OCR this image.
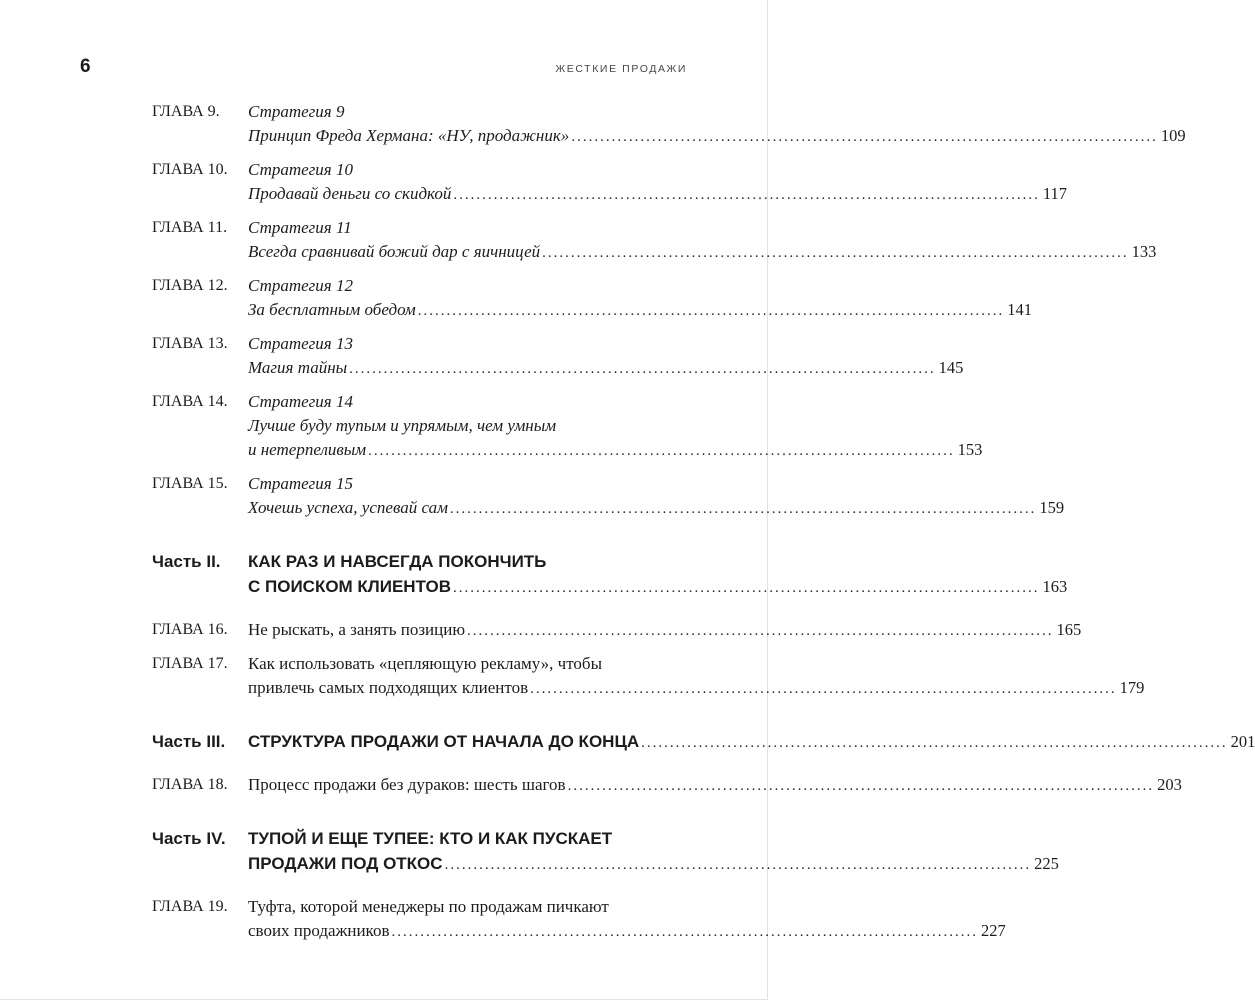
6	ЖЕСТКИЕ ПРОДАЖИ
ГЛАВА 9.	Стратегия 9
Принцип Фреда Хермана: «НУ, продажник» .....	109
ГЛАВА 10.	Стратегия 10
Продавай деньги со скидкой .....	117
ГЛАВА 11.	Стратегия 11
Всегда сравнивай божий дар с яичницей .....	133
ГЛАВА 12.	Стратегия 12
За бесплатным обедом .....	141
ГЛАВА 13.	Стратегия 13
Магия тайны .....	145
ГЛАВА 14.	Стратегия 14
Лучше буду тупым и упрямым, чем умным
и нетерпеливым .....	153
ГЛАВА 15.	Стратегия 15
Хочешь успеха, успевай сам .....	159
Часть II.	КАК РАЗ И НАВСЕГДА ПОКОНЧИТЬ
С ПОИСКОМ КЛИЕНТОВ .....	163
ГЛАВА 16.	Не рыскать, а занять позицию .....	165
ГЛАВА 17.	Как использовать «цепляющую рекламу», чтобы
привлечь самых подходящих клиентов .....	179
Часть III.	СТРУКТУРА ПРОДАЖИ ОТ НАЧАЛА ДО КОНЦА .....	201
ГЛАВА 18.	Процесс продажи без дураков: шесть шагов .....	203
Часть IV.	ТУПОЙ И ЕЩЕ ТУПЕЕ: КТО И КАК ПУСКАЕТ
ПРОДАЖИ ПОД ОТКОС .....	225
ГЛАВА 19.	Туфта, которой менеджеры по продажам пичкают
своих продажников .....	227
